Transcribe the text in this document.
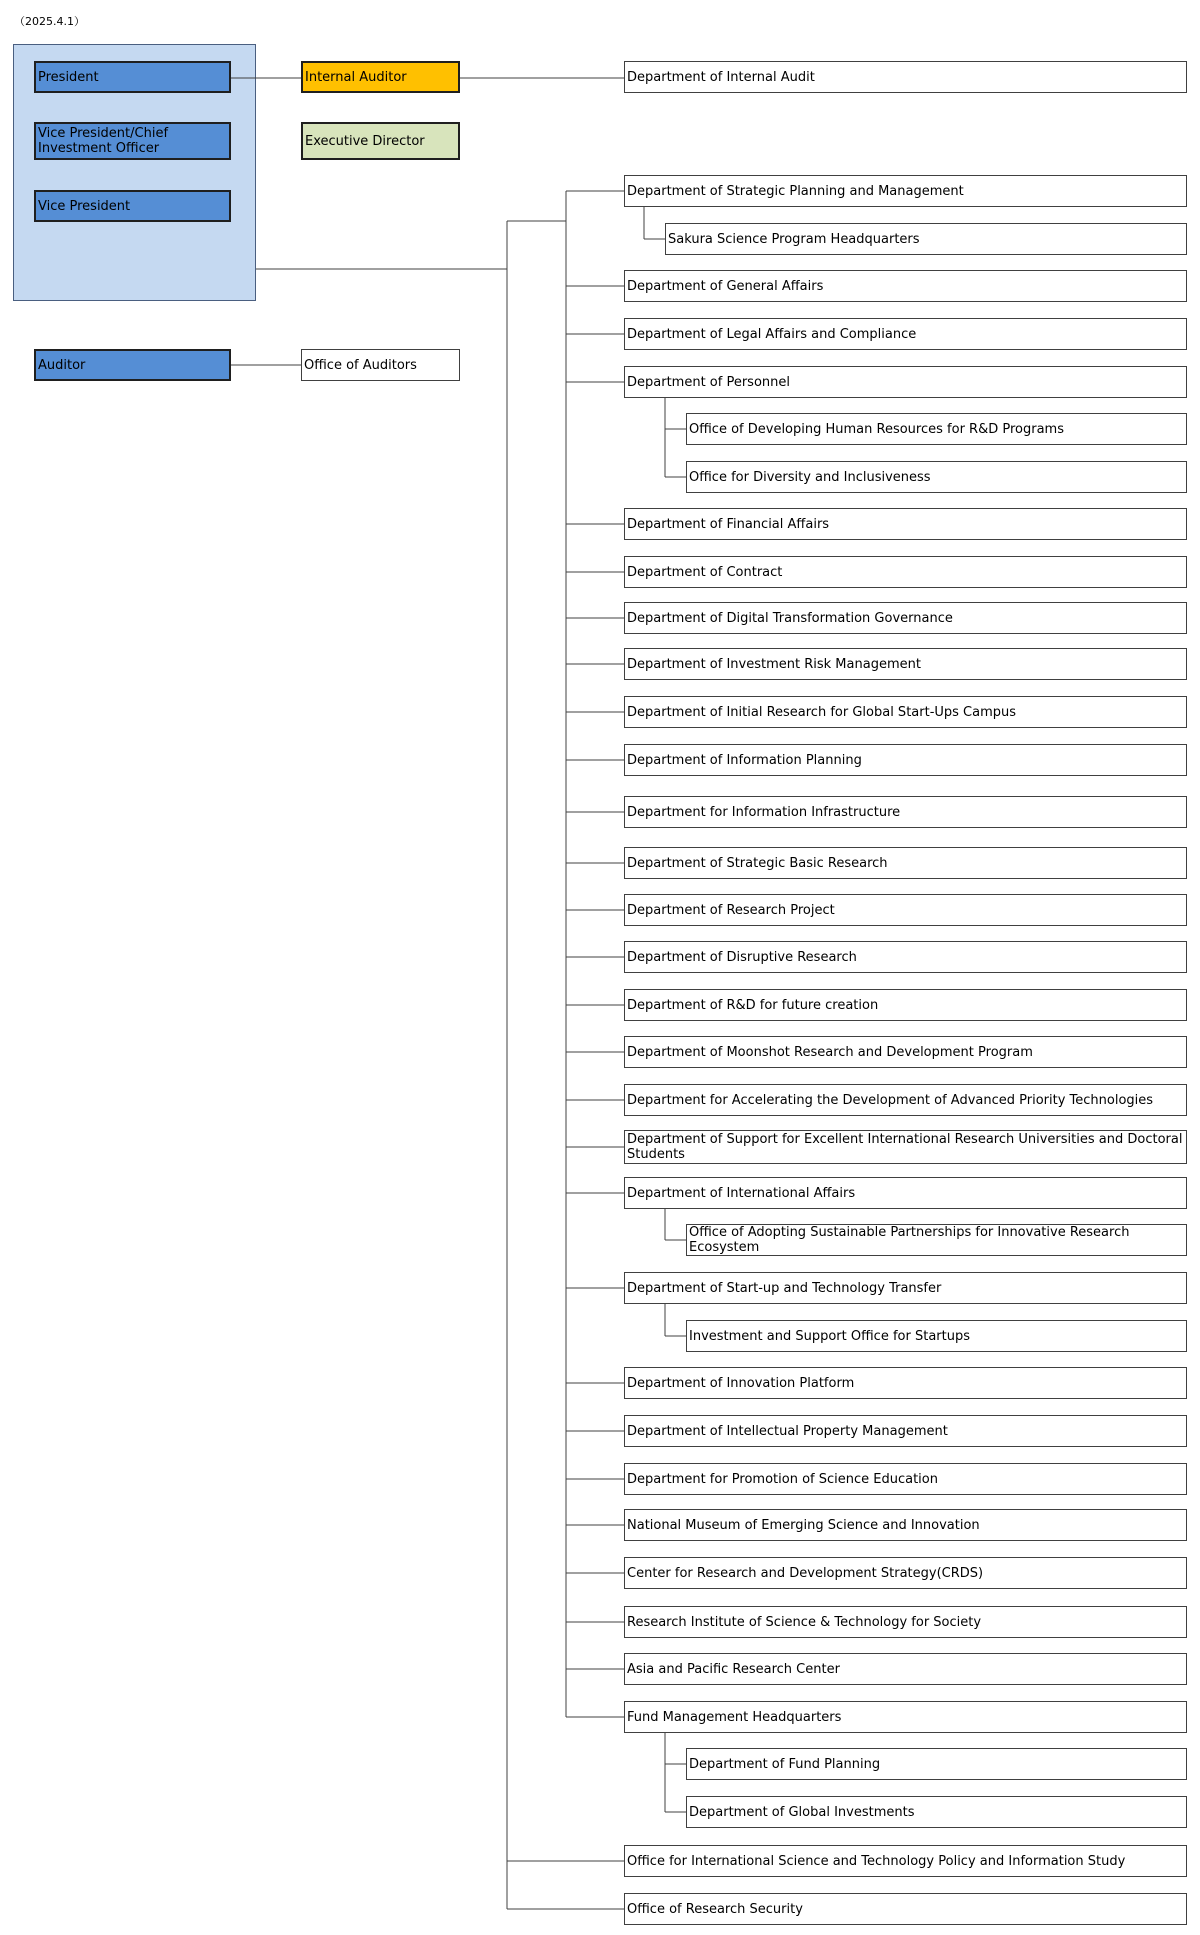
（2025.4.1）
President
Vice President/Chief Investment Officer
Vice President
Internal Auditor
Executive Director
Department of Internal Audit
Auditor	Office of Auditors
Department of Strategic Planning and Management
Sakura Science Program Headquarters
Department of General Affairs
Department of Legal Affairs and Compliance
Department of Personnel
Office of Developing Human Resources for R&D Programs
Office for Diversity and Inclusiveness
Department of Financial Affairs
Department of Contract
Department of Digital Transformation Governance
Department of Investment Risk Management
Department of Initial Research for Global Start-Ups Campus
Department of Information Planning
Department for Information Infrastructure
Department of Strategic Basic Research
Department of Research Project
Department of Disruptive Research
Department of R&D for future creation
Department of Moonshot Research and Development Program
Department for Accelerating the Development of Advanced Priority Technologies
Department of Support for Excellent International Research Universities and Doctoral Students
Department of International Affairs
Office of Adopting Sustainable Partnerships for Innovative Research Ecosystem
Department of Start-up and Technology Transfer
Investment and Support Office for Startups
Department of Innovation Platform
Department of Intellectual Property Management
Department for Promotion of Science Education
National Museum of Emerging Science and Innovation
Center for Research and Development Strategy(CRDS)
Research Institute of Science & Technology for Society
Asia and Pacific Research Center
Fund Management Headquarters
Department of Fund Planning
Department of Global Investments
Office for International Science and Technology Policy and Information Study
Office of Research Security
